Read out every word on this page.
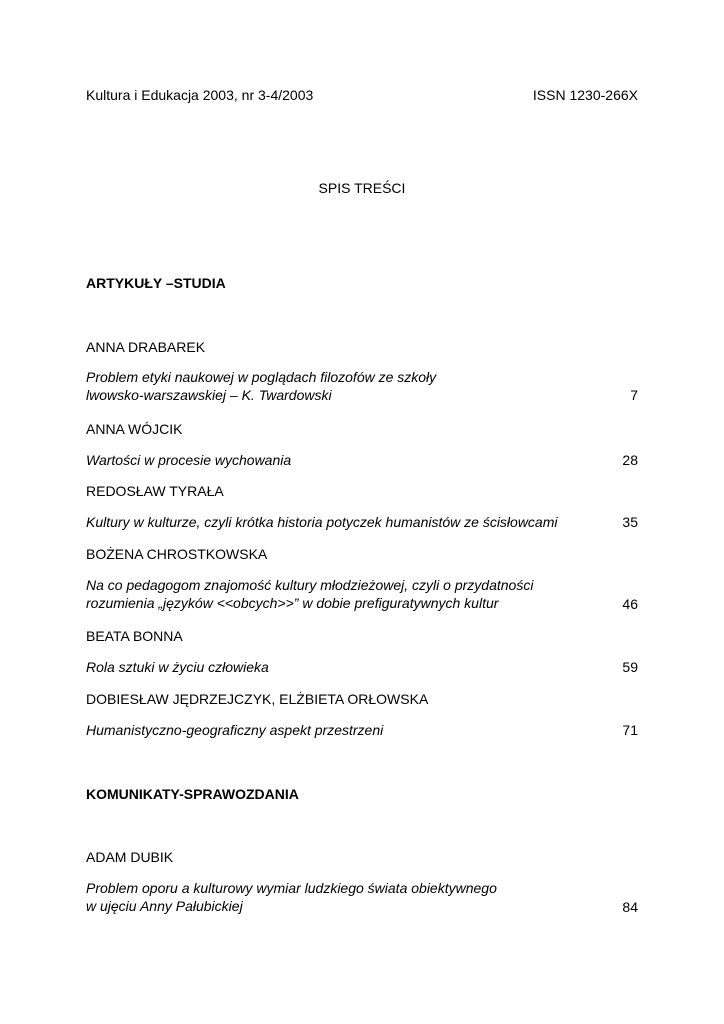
Kultura i Edukacja 2003, nr 3-4/2003	ISSN 1230-266X
SPIS TREŚCI
ARTYKUŁY –STUDIA
ANNA DRABAREK
Problem etyki naukowej w poglądach filozofów ze szkoły
lwowsko-warszawskiej – K. Twardowski	7
ANNA WÓJCIK
Wartości w procesie wychowania	28
REDOSŁAW TYRAŁA
Kultury w kulturze, czyli krótka historia potyczek humanistów ze ścisłowcami	35
BOŻENA CHROSTKOWSKA
Na co pedagogom znajomość kultury młodzieżowej, czyli o przydatności
rozumienia „języków <<obcych>>” w dobie prefiguratywnych kultur	46
BEATA BONNA
Rola sztuki w życiu człowieka	59
DOBIESŁAW JĘDRZEJCZYK, ELŻBIETA ORŁOWSKA
Humanistyczno-geograficzny aspekt przestrzeni	71
KOMUNIKATY-SPRAWOZDANIA
ADAM DUBIK
Problem oporu a kulturowy wymiar ludzkiego świata obiektywnego
w ujęciu Anny Pałubickiej	84
